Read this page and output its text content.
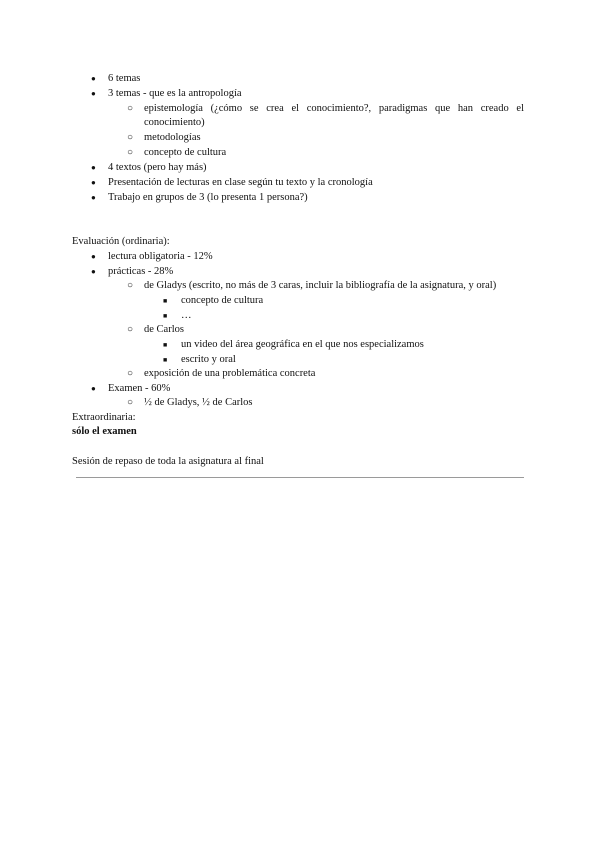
●
6 temas
●
3 temas - que es la antropología
○
epistemología (¿cómo se crea el conocimiento?, paradigmas que han creado el conocimiento)
○
metodologías
○
concepto de cultura
●
4 textos (pero hay más)
●
Presentación de lecturas en clase según tu texto y la cronología
●
Trabajo en grupos de 3 (lo presenta 1 persona?)
Evaluación (ordinaria):
●
lectura obligatoria - 12%
●
prácticas - 28%
○
de Gladys (escrito, no más de 3 caras, incluir la bibliografía de la asignatura, y oral)
■
concepto de cultura
■
…
○
de Carlos
■
un video del área geográfica en el que nos especializamos
■
escrito y oral
○
exposición de una problemática concreta
●
Examen - 60%
○
½ de Gladys, ½ de Carlos
Extraordinaria:
sólo el examen
Sesión de repaso de toda la asignatura al final
